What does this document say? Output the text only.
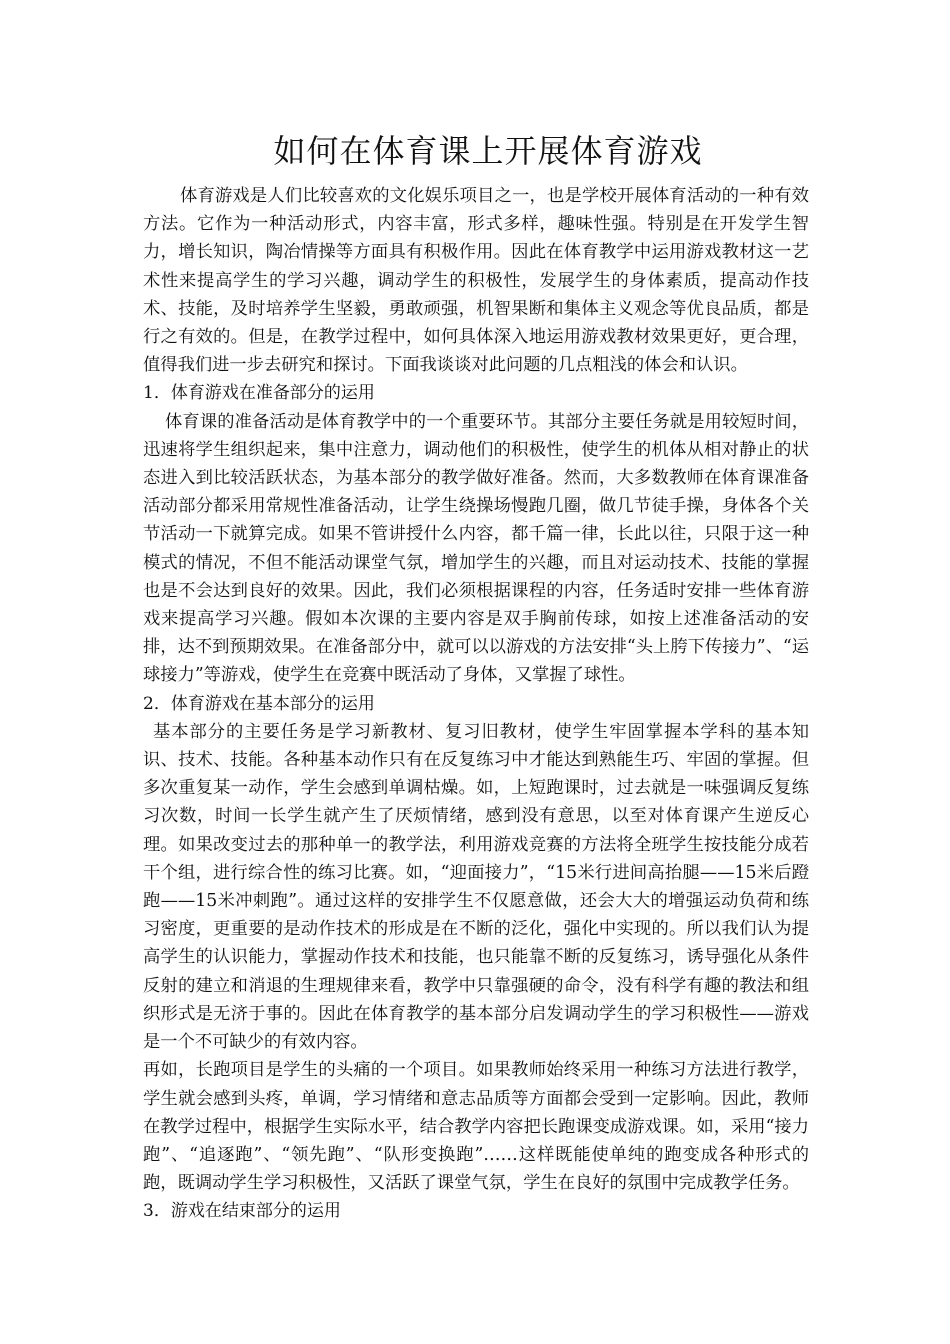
如何在体育课上开展体育游戏

体育游戏是人们比较喜欢的文化娱乐项目之一，也是学校开展体育活动的一种有效方法。它作为一种活动形式，内容丰富，形式多样，趣味性强。特别是在开发学生智力，增长知识，陶冶情操等方面具有积极作用。因此在体育教学中运用游戏教材这一艺术性来提高学生的学习兴趣，调动学生的积极性，发展学生的身体素质，提高动作技术、技能，及时培养学生坚毅，勇敢顽强，机智果断和集体主义观念等优良品质，都是行之有效的。但是，在教学过程中，如何具体深入地运用游戏教材效果更好，更合理，值得我们进一步去研究和探讨。下面我谈谈对此问题的几点粗浅的体会和认识。

1．体育游戏在准备部分的运用

体育课的准备活动是体育教学中的一个重要环节。其部分主要任务就是用较短时间，迅速将学生组织起来，集中注意力，调动他们的积极性，使学生的机体从相对静止的状态进入到比较活跃状态，为基本部分的教学做好准备。然而，大多数教师在体育课准备活动部分都采用常规性准备活动，让学生绕操场慢跑几圈，做几节徒手操，身体各个关节活动一下就算完成。如果不管讲授什么内容，都千篇一律，长此以往，只限于这一种模式的情况，不但不能活动课堂气氛，增加学生的兴趣，而且对运动技术、技能的掌握也是不会达到良好的效果。因此，我们必须根据课程的内容，任务适时安排一些体育游戏来提高学习兴趣。假如本次课的主要内容是双手胸前传球，如按上述准备活动的安排，达不到预期效果。在准备部分中，就可以以游戏的方法安排“头上胯下传接力”、“运球接力”等游戏，使学生在竞赛中既活动了身体，又掌握了球性。

2．体育游戏在基本部分的运用

基本部分的主要任务是学习新教材、复习旧教材，使学生牢固掌握本学科的基本知识、技术、技能。各种基本动作只有在反复练习中才能达到熟能生巧、牢固的掌握。但多次重复某一动作，学生会感到单调枯燥。如，上短跑课时，过去就是一味强调反复练习次数，时间一长学生就产生了厌烦情绪，感到没有意思，以至对体育课产生逆反心理。如果改变过去的那种单一的教学法，利用游戏竞赛的方法将全班学生按技能分成若干个组，进行综合性的练习比赛。如，“迎面接力”，“15米行进间高抬腿——15米后蹬跑——15米冲刺跑”。通过这样的安排学生不仅愿意做，还会大大的增强运动负荷和练习密度，更重要的是动作技术的形成是在不断的泛化，强化中实现的。所以我们认为提高学生的认识能力，掌握动作技术和技能，也只能靠不断的反复练习，诱导强化从条件反射的建立和消退的生理规律来看，教学中只靠强硬的命令，没有科学有趣的教法和组织形式是无济于事的。因此在体育教学的基本部分启发调动学生的学习积极性——游戏是一个不可缺少的有效内容。

再如，长跑项目是学生的头痛的一个项目。如果教师始终采用一种练习方法进行教学，学生就会感到头疼，单调，学习情绪和意志品质等方面都会受到一定影响。因此，教师在教学过程中，根据学生实际水平，结合教学内容把长跑课变成游戏课。如，采用“接力跑”、“追逐跑”、“领先跑”、“队形变换跑”……这样既能使单纯的跑变成各种形式的跑，既调动学生学习积极性，又活跃了课堂气氛，学生在良好的氛围中完成教学任务。

3．游戏在结束部分的运用
